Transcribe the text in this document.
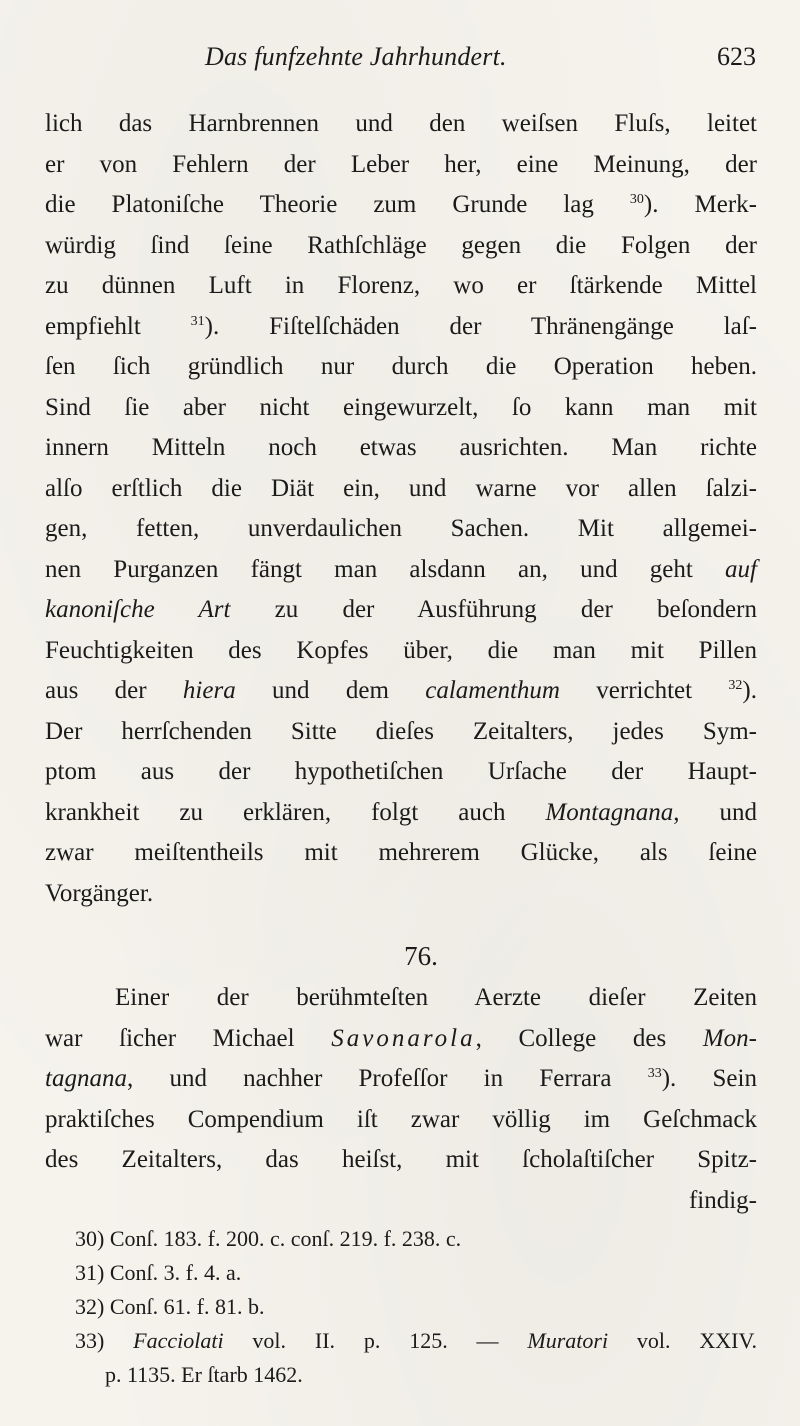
Das funfzehnte Jahrhundert.	623
lich das Harnbrennen und den weiſsen Fluſs, leitet
er von Fehlern der Leber her, eine Meinung, der
die Platoniſche Theorie zum Grunde lag $^{30}$). Merk-
würdig ſind ſeine Rathſchläge gegen die Folgen der
zu dünnen Luft in Florenz, wo er ſtärkende Mittel
empfiehlt $^{31}$). Fiſtelſchäden der Thränengänge laſ-
ſen ſich gründlich nur durch die Operation heben.
Sind ſie aber nicht eingewurzelt, ſo kann man mit
innern Mitteln noch etwas ausrichten. Man richte
alſo erſtlich die Diät ein, und warne vor allen ſalzi-
gen, fetten, unverdaulichen Sachen. Mit allgemei-
nen Purganzen fängt man alsdann an, und geht auf
kanoniſche Art zu der Ausführung der beſondern
Feuchtigkeiten des Kopfes über, die man mit Pillen
aus der hiera und dem calamenthum verrichtet $^{32}$).
Der herrſchenden Sitte dieſes Zeitalters, jedes Sym-
ptom aus der hypothetiſchen Urſache der Haupt-
krankheit zu erklären, folgt auch Montagnana, und
zwar meiſtentheils mit mehrerem Glücke, als ſeine
Vorgänger.
76.
Einer der berühmteſten Aerzte dieſer Zeiten
war ſicher Michael Savonarola, College des Mon-
tagnana, und nachher Profeſſor in Ferrara $^{33}$). Sein
praktiſches Compendium iſt zwar völlig im Geſchmack
des Zeitalters, das heiſst, mit ſcholaſtiſcher Spitz-
findig-
30) Conſ. 183. f. 200. c. conſ. 219. f. 238. c.
31) Conſ. 3. f. 4. a.
32) Conſ. 61. f. 81. b.
33) Facciolati vol. II. p. 125. — Muratori vol. XXIV.
p. 1135. Er ſtarb 1462.
